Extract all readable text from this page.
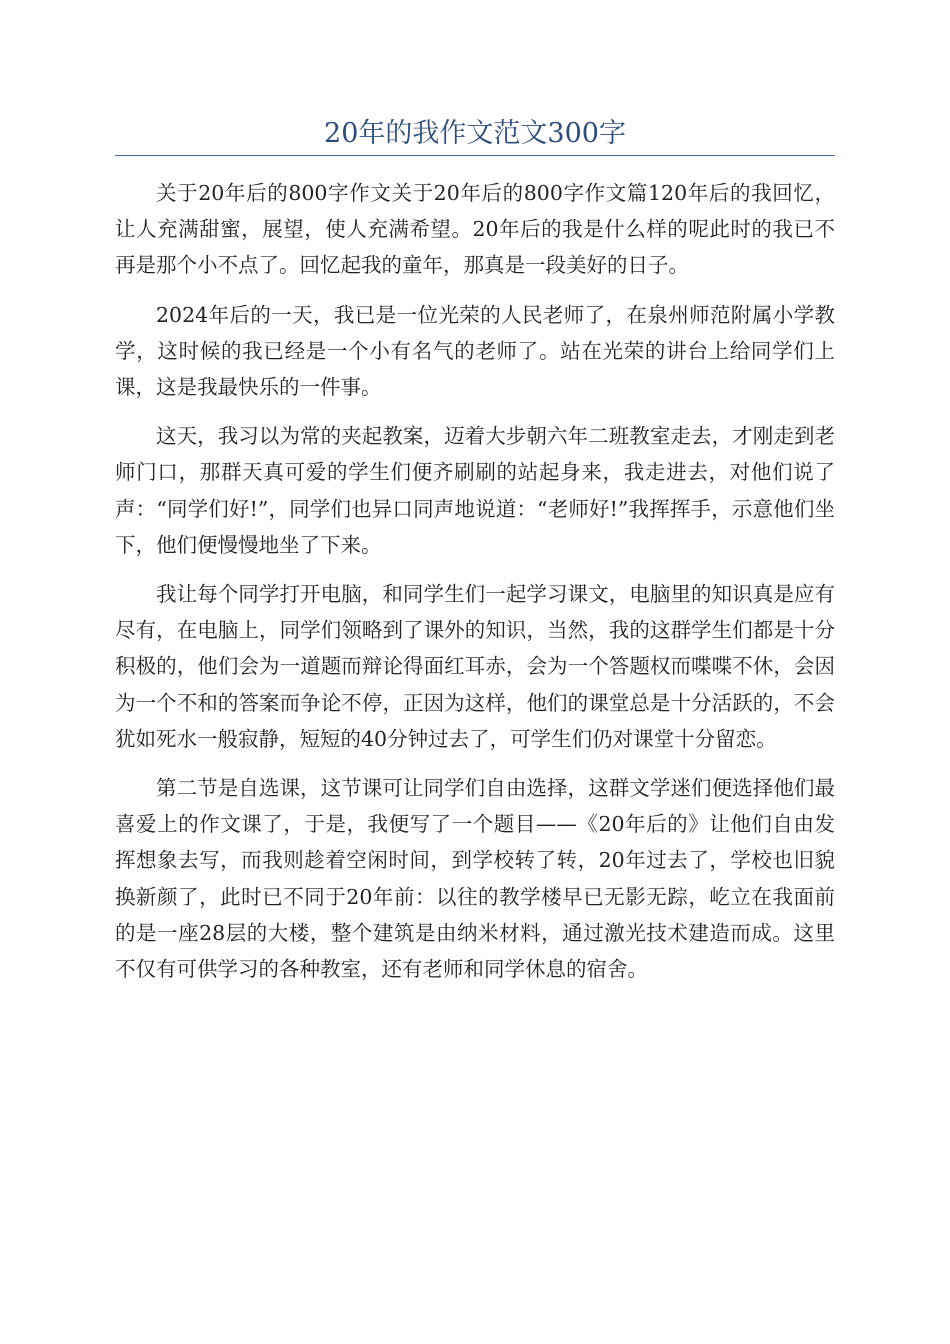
20年的我作文范文300字

关于20年后的800字作文关于20年后的800字作文篇120年后的我回忆，让人充满甜蜜，展望，使人充满希望。20年后的我是什么样的呢此时的我已不再是那个小不点了。回忆起我的童年，那真是一段美好的日子。

2024年后的一天，我已是一位光荣的人民老师了，在泉州师范附属小学教学，这时候的我已经是一个小有名气的老师了。站在光荣的讲台上给同学们上课，这是我最快乐的一件事。

这天，我习以为常的夹起教案，迈着大步朝六年二班教室走去，才刚走到老师门口，那群天真可爱的学生们便齐刷刷的站起身来，我走进去，对他们说了声：“同学们好!”，同学们也异口同声地说道：“老师好!”我挥挥手，示意他们坐下，他们便慢慢地坐了下来。

我让每个同学打开电脑，和同学生们一起学习课文，电脑里的知识真是应有尽有，在电脑上，同学们领略到了课外的知识，当然，我的这群学生们都是十分积极的，他们会为一道题而辩论得面红耳赤，会为一个答题权而喋喋不休，会因为一个不和的答案而争论不停，正因为这样，他们的课堂总是十分活跃的，不会犹如死水一般寂静，短短的40分钟过去了，可学生们仍对课堂十分留恋。

第二节是自选课，这节课可让同学们自由选择，这群文学迷们便选择他们最喜爱上的作文课了，于是，我便写了一个题目——《20年后的》让他们自由发挥想象去写，而我则趁着空闲时间，到学校转了转，20年过去了，学校也旧貌换新颜了，此时已不同于20年前：以往的教学楼早已无影无踪，屹立在我面前的是一座28层的大楼，整个建筑是由纳米材料，通过激光技术建造而成。这里不仅有可供学习的各种教室，还有老师和同学休息的宿舍。
